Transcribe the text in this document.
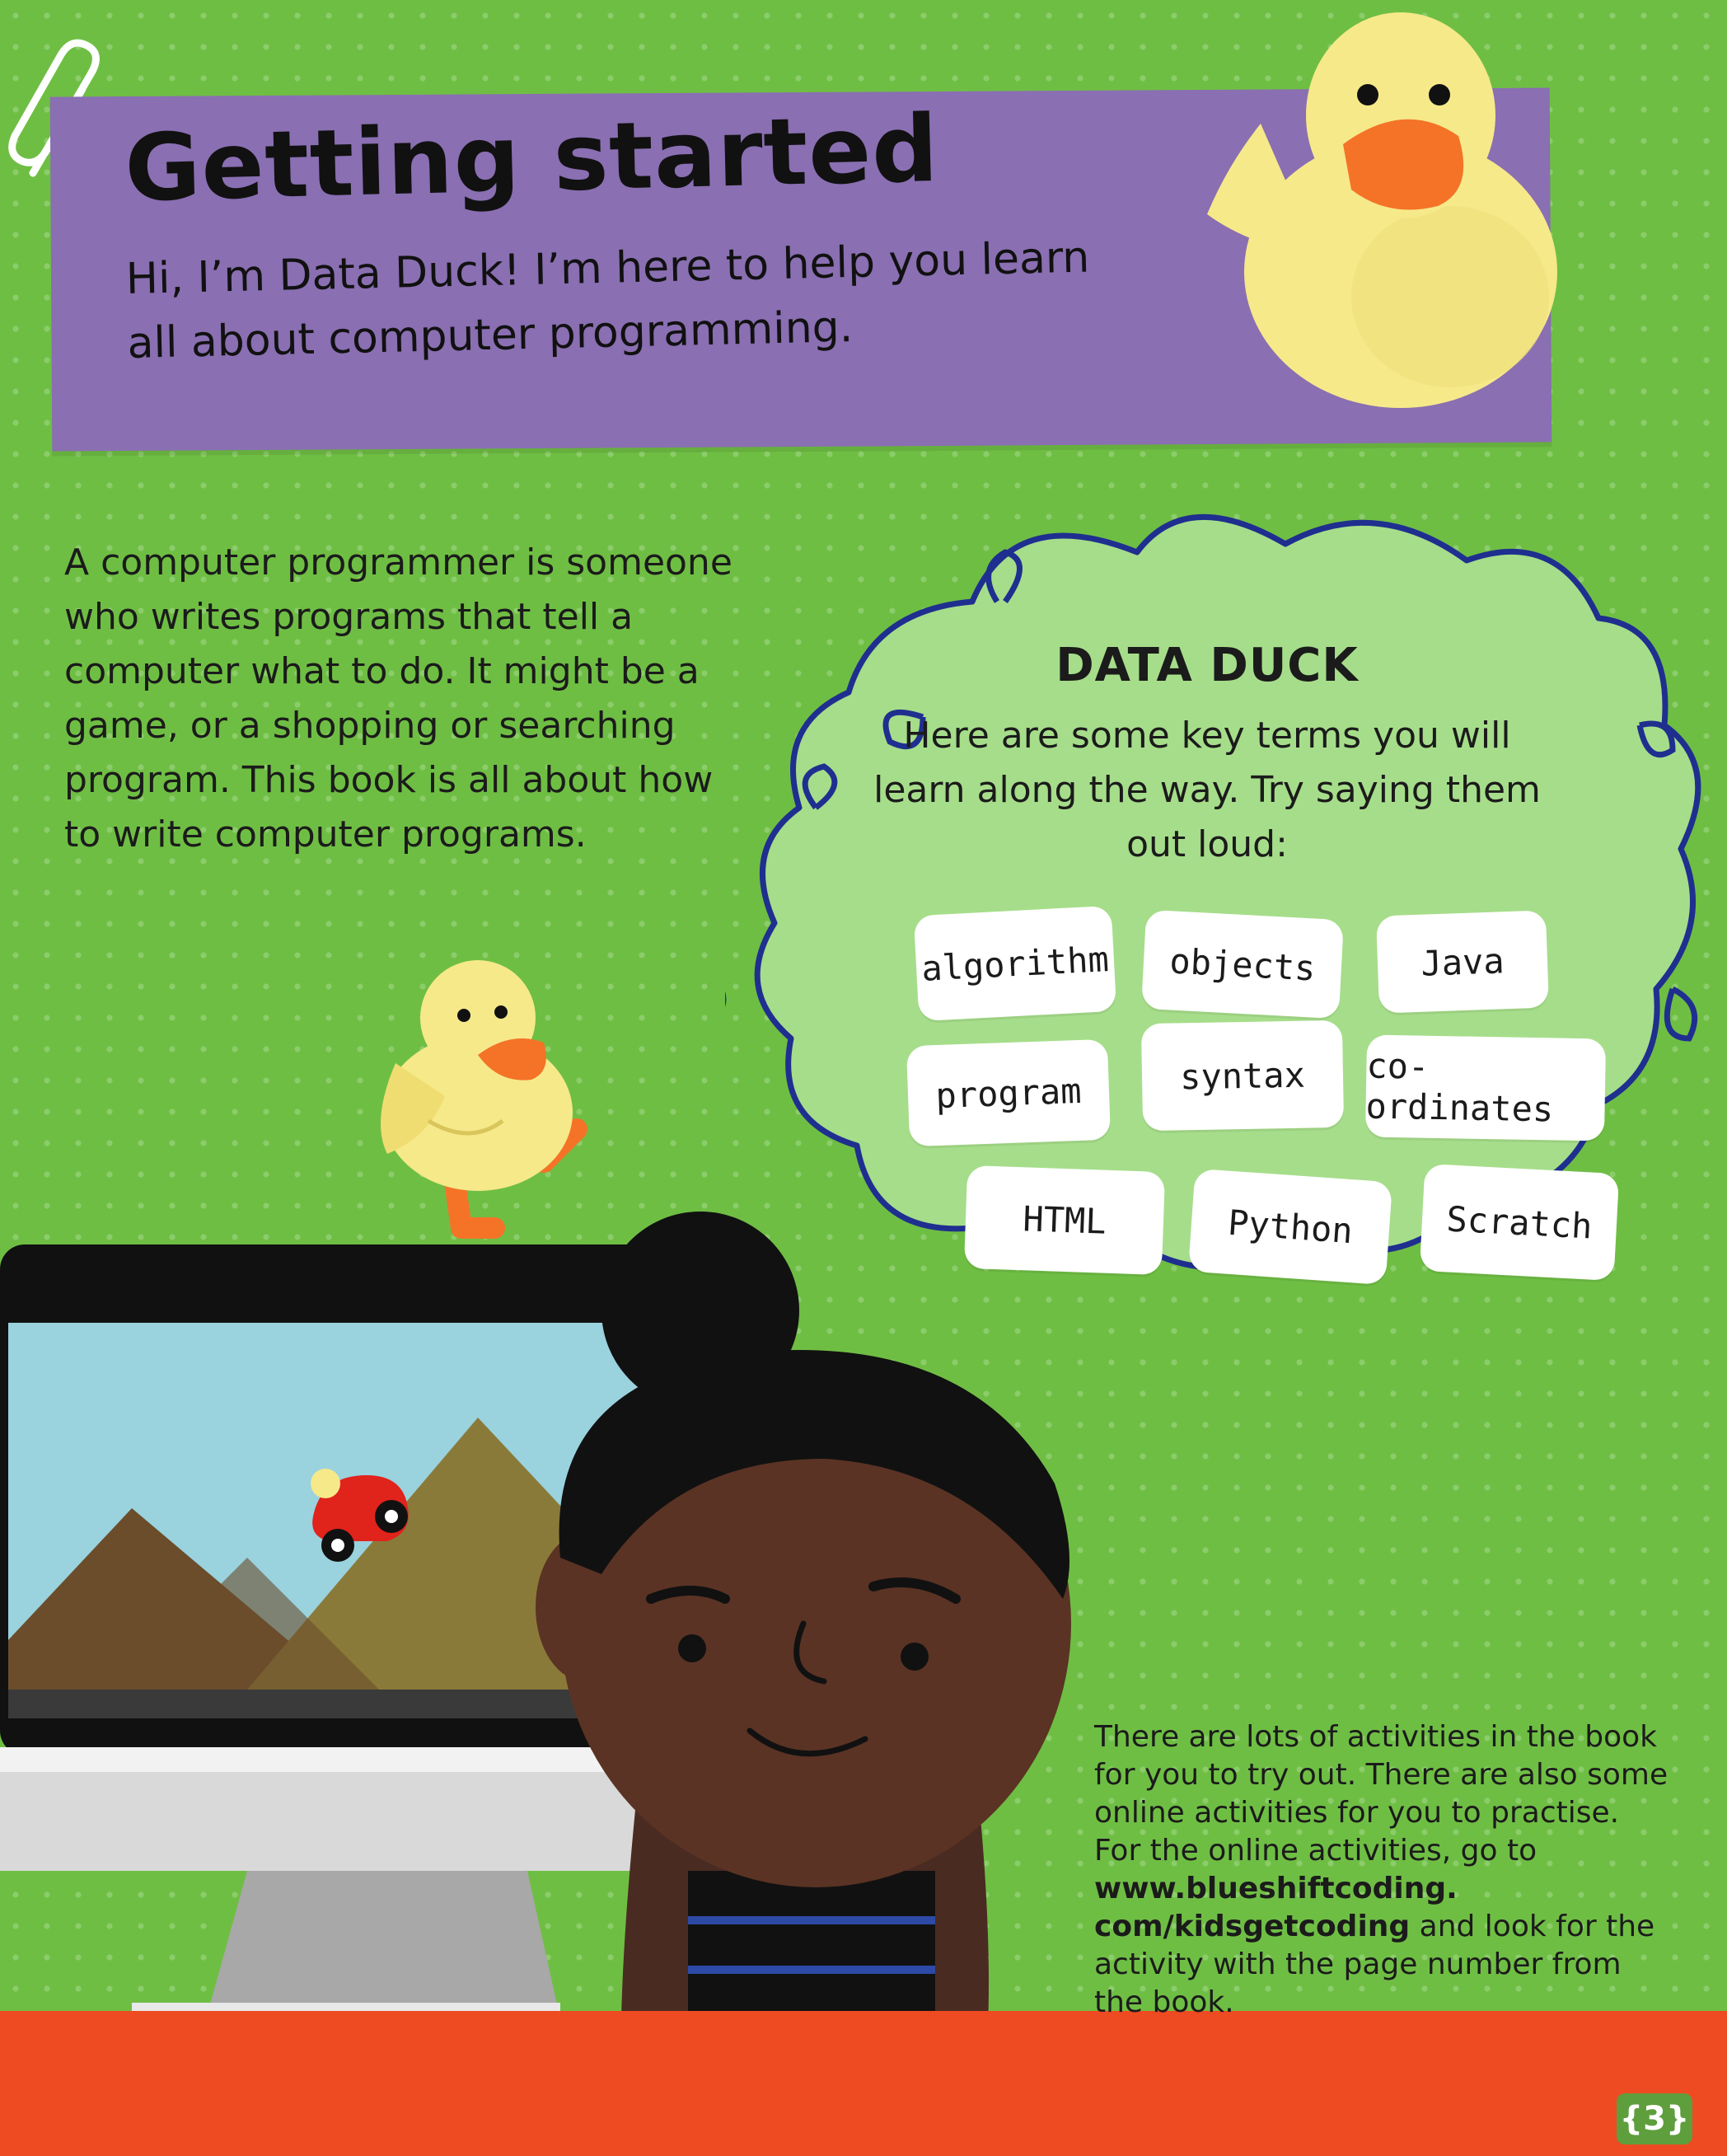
Getting started
Hi, I’m Data Duck! I’m here to help you learn all about computer programming.
A computer programmer is someone who writes programs that tell a computer what to do. It might be a game, or a shopping or searching program. This book is all about how to write computer programs.
DATA DUCK
Here are some key terms you will learn along the way. Try saying them out loud:
algorithm	objects	Java
program	syntax	co-ordinates
HTML	Python	Scratch
There are lots of activities in the book for you to try out. There are also some online activities for you to practise. For the online activities, go to www.blueshiftcoding. com/kidsgetcoding and look for the activity with the page number from the book.
{3}
